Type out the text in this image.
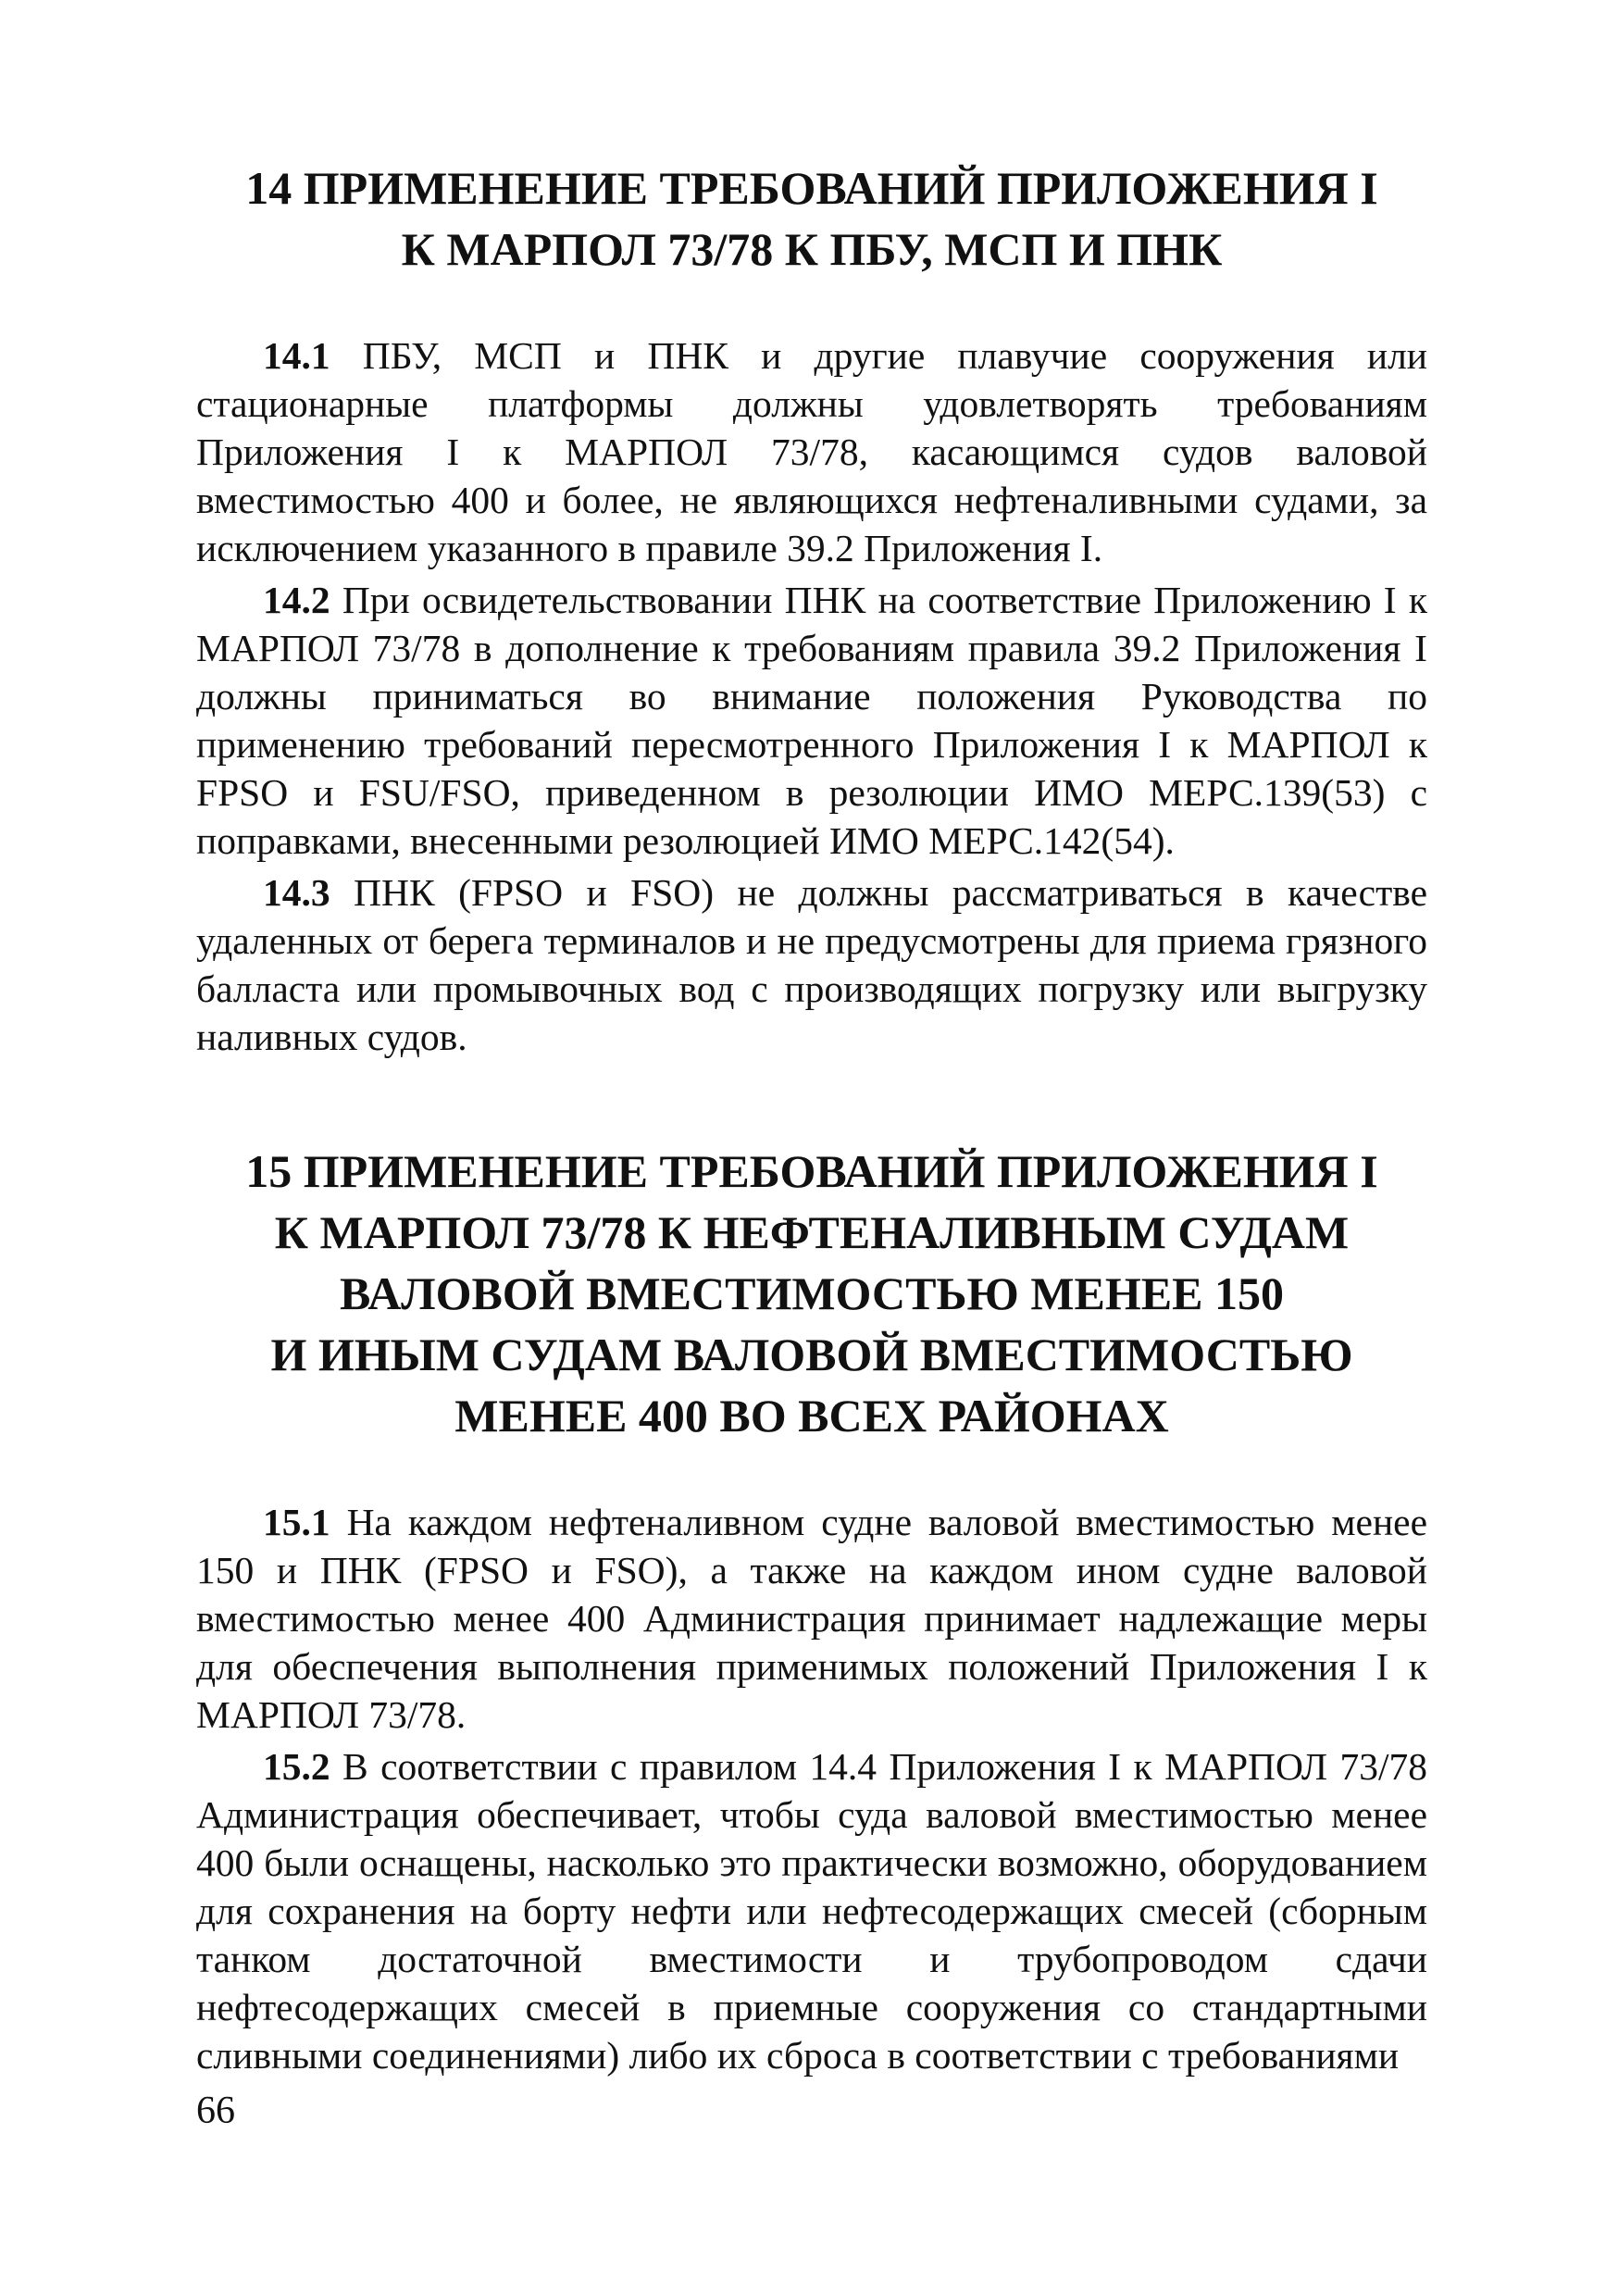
14 ПРИМЕНЕНИЕ ТРЕБОВАНИЙ ПРИЛОЖЕНИЯ I
К МАРПОЛ 73/78 К ПБУ, МСП И ПНК

14.1 ПБУ, МСП и ПНК и другие плавучие сооружения или стационарные платформы должны удовлетворять требованиям Приложения I к МАРПОЛ 73/78, касающимся судов валовой вместимостью 400 и более, не являющихся нефтеналивными судами, за исключением указанного в правиле 39.2 Приложения I.

14.2 При освидетельствовании ПНК на соответствие Приложению I к МАРПОЛ 73/78 в дополнение к требованиям правила 39.2 Приложения I должны приниматься во внимание положения Руководства по применению требований пересмотренного Приложения I к МАРПОЛ к FPSO и FSU/FSO, приведенном в резолюции ИМО МЕРС.139(53) с поправками, внесенными резолюцией ИМО МЕРС.142(54).

14.3 ПНК (FPSO и FSO) не должны рассматриваться в качестве удаленных от берега терминалов и не предусмотрены для приема грязного балласта или промывочных вод с производящих погрузку или выгрузку наливных судов.

15 ПРИМЕНЕНИЕ ТРЕБОВАНИЙ ПРИЛОЖЕНИЯ I
К МАРПОЛ 73/78 К НЕФТЕНАЛИВНЫМ СУДАМ
ВАЛОВОЙ ВМЕСТИМОСТЬЮ МЕНЕЕ 150
И ИНЫМ СУДАМ ВАЛОВОЙ ВМЕСТИМОСТЬЮ
МЕНЕЕ 400 ВО ВСЕХ РАЙОНАХ

15.1 На каждом нефтеналивном судне валовой вместимостью менее 150 и ПНК (FPSO и FSO), а также на каждом ином судне валовой вместимостью менее 400 Администрация принимает надлежащие меры для обеспечения выполнения применимых положений Приложения I к МАРПОЛ 73/78.

15.2 В соответствии с правилом 14.4 Приложения I к МАРПОЛ 73/78 Администрация обеспечивает, чтобы суда валовой вместимостью менее 400 были оснащены, насколько это практически возможно, оборудованием для сохранения на борту нефти или нефтесодержащих смесей (сборным танком достаточной вместимости и трубопроводом сдачи нефтесодержащих смесей в приемные сооружения со стандартными сливными соединениями) либо их сброса в соответствии с требованиями

66
